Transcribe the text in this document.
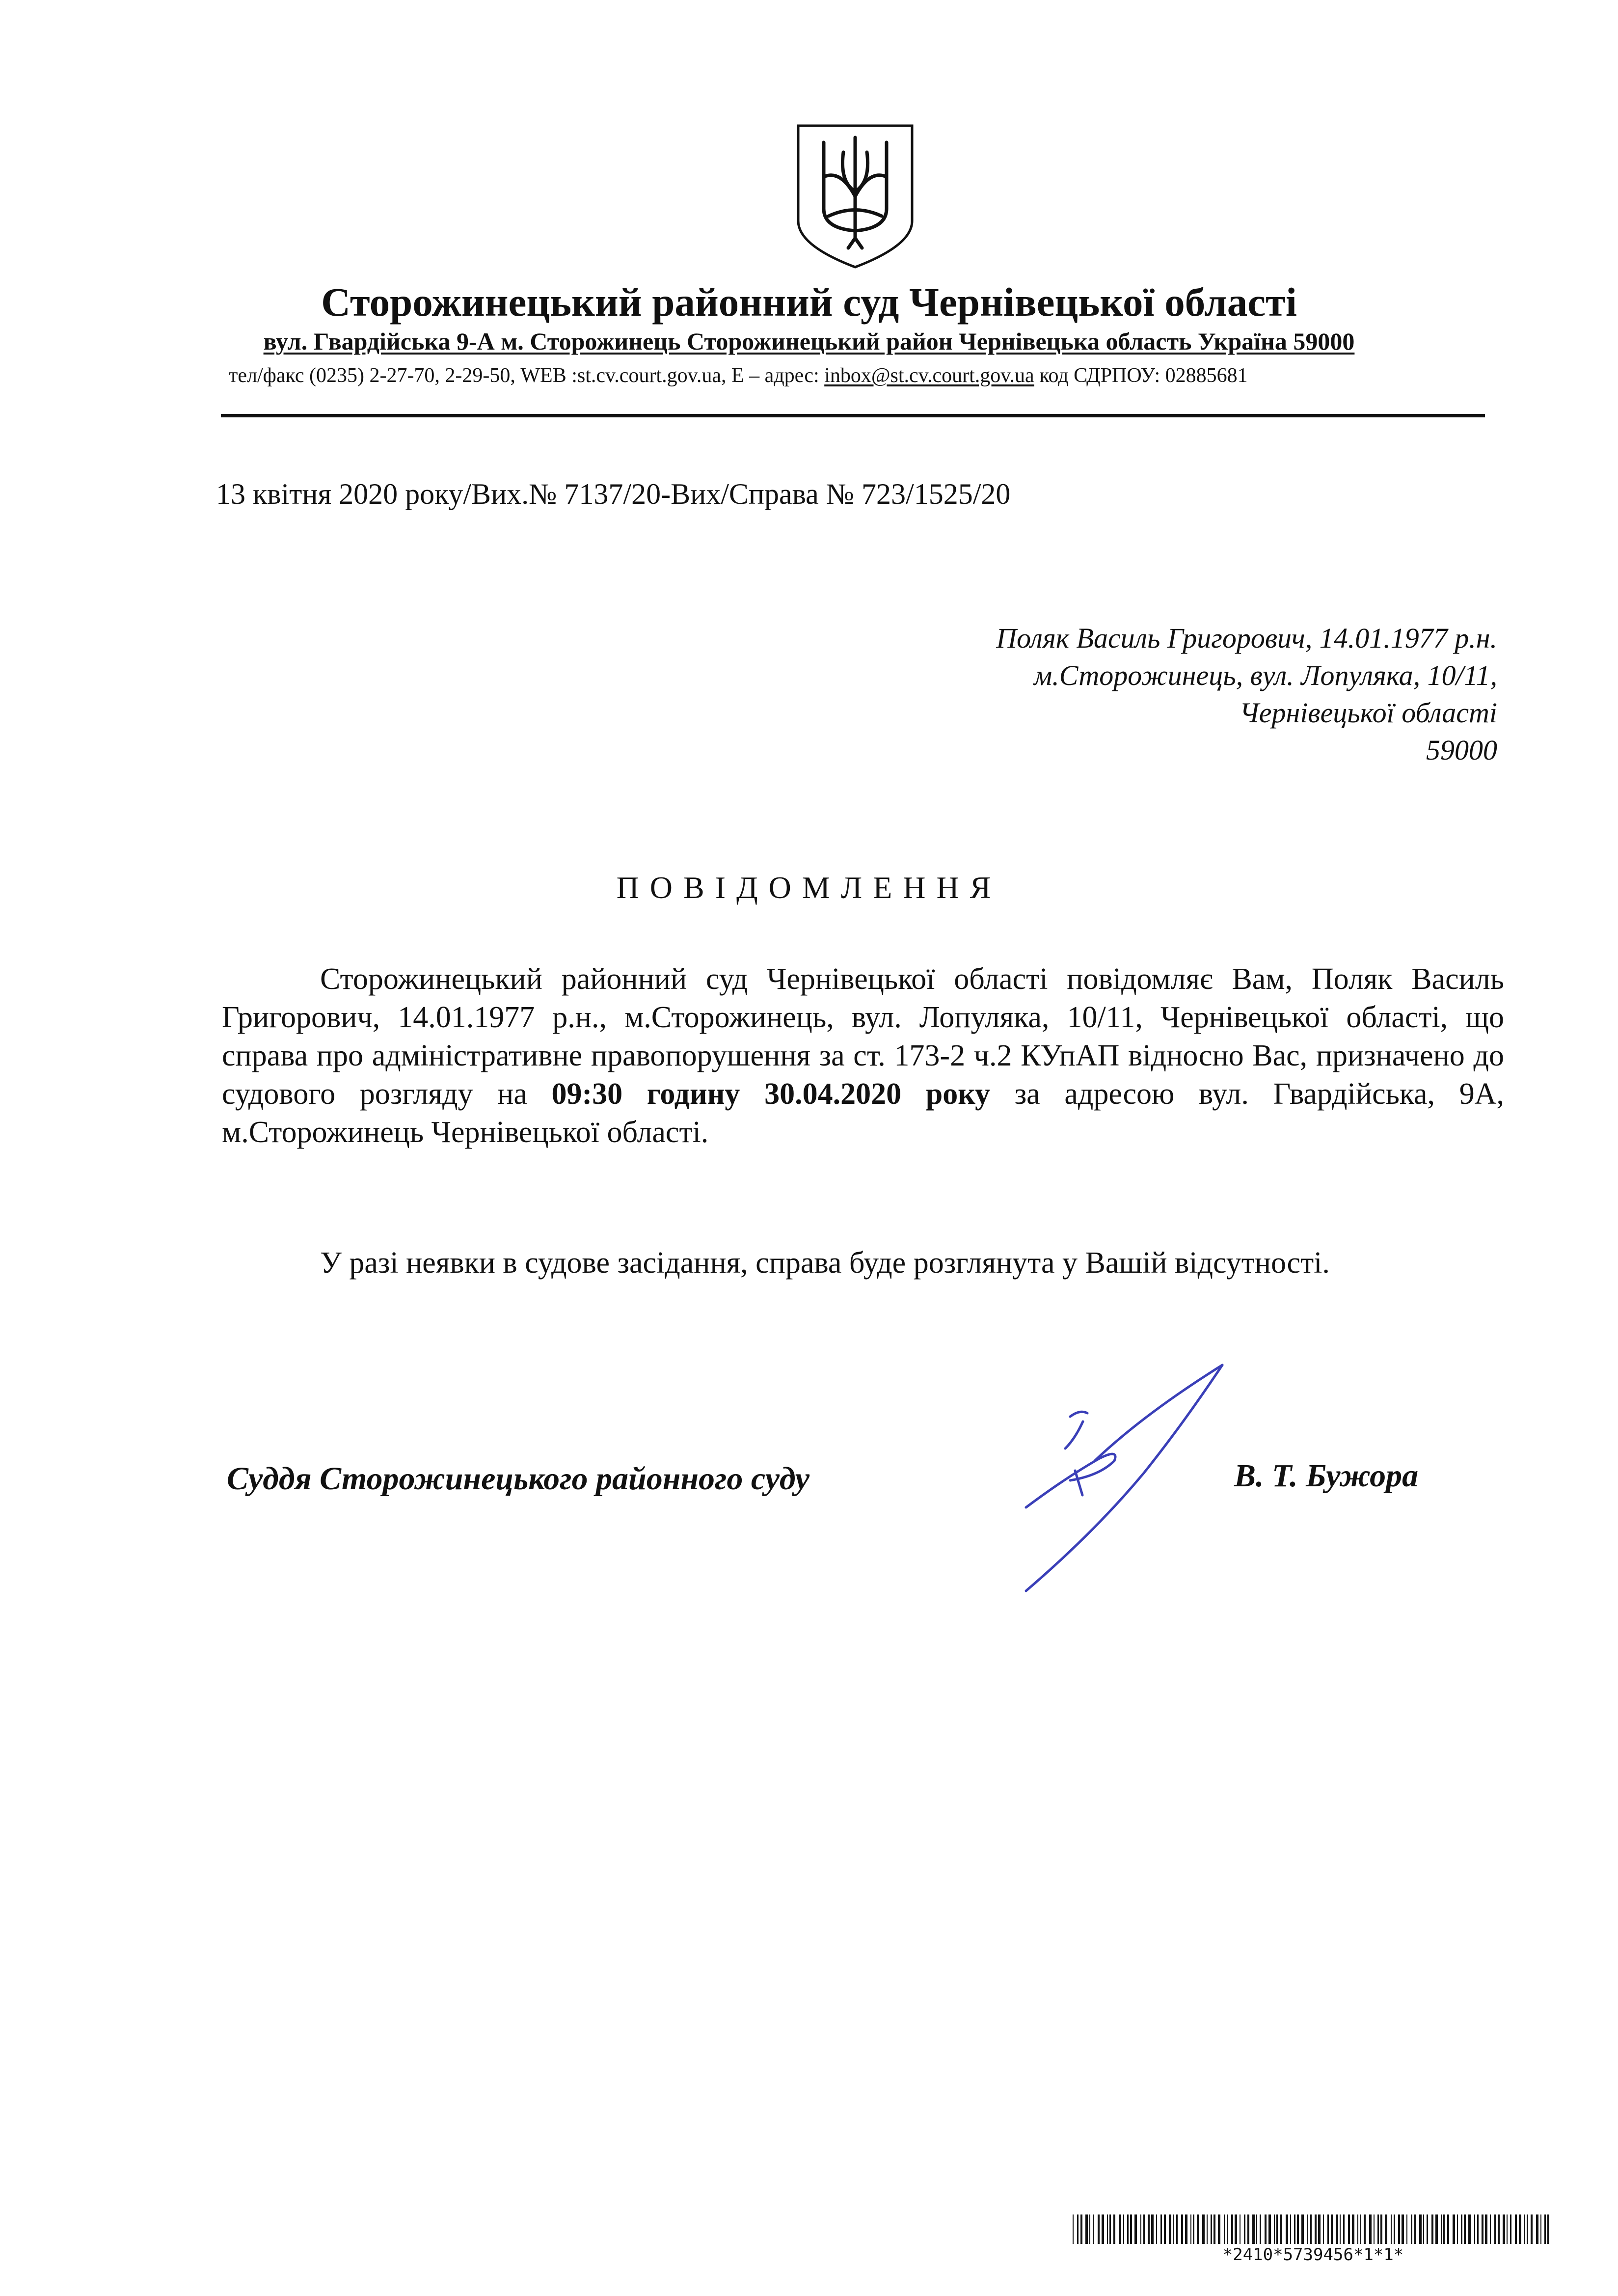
Сторожинецький районний суд Чернівецької області
вул. Гвардійська 9-А м. Сторожинець Сторожинецький район Чернівецька область Україна 59000
тел/факс (0235) 2-27-70, 2-29-50, WEB :st.cv.court.gov.ua, E – адрес: inbox@st.cv.court.gov.ua код СДРПОУ: 02885681
13 квітня 2020 року/Вих.№ 7137/20-Вих/Справа № 723/1525/20
Поляк Василь Григорович, 14.01.1977 р.н.
м.Сторожинець, вул. Лопуляка, 10/11,
Чернівецької області
59000
ПОВІДОМЛЕННЯ
Сторожинецький районний суд Чернівецької області повідомляє Вам, Поляк Василь Григорович, 14.01.1977 р.н., м.Сторожинець, вул. Лопуляка, 10/11, Чернівецької області, що справа про адміністративне правопорушення за ст. 173-2 ч.2 КУпАП відносно Вас, призначено до судового розгляду на 09:30 годину 30.04.2020 року за адресою вул. Гвардійська, 9А, м.Сторожинець Чернівецької області.
У разі неявки в судове засідання, справа буде розглянута у Вашій відсутності.
Суддя Сторожинецького районного суду	В. Т. Бужора
*2410*5739456*1*1*
